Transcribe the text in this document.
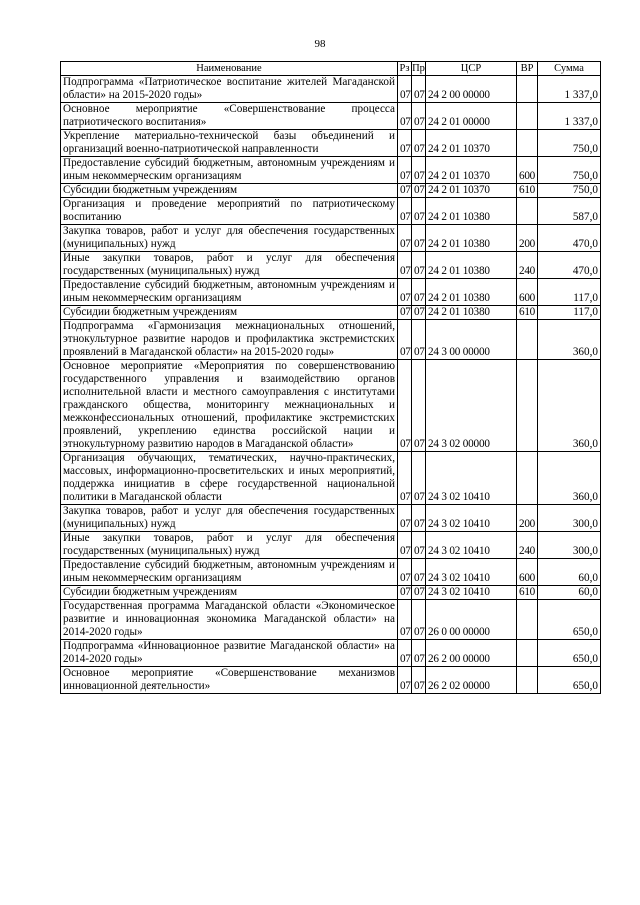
98
Наименование	Рз	Пр	ЦСР	ВР	Сумма
Подпрограмма «Патриотическое воспитание жителей Магаданской области» на 2015-2020 годы»	07	07	24 2 00 00000		1 337,0
Основное мероприятие «Совершенствование процесса патриотического воспитания»	07	07	24 2 01 00000		1 337,0
Укрепление материально-технической базы объединений и организаций военно-патриотической направленности	07	07	24 2 01 10370		750,0
Предоставление субсидий бюджетным, автономным учреждениям и иным некоммерческим организациям	07	07	24 2 01 10370	600	750,0
Субсидии бюджетным учреждениям	07	07	24 2 01 10370	610	750,0
Организация и проведение мероприятий по патриотическому воспитанию	07	07	24 2 01 10380		587,0
Закупка товаров, работ и услуг для обеспечения государственных (муниципальных) нужд	07	07	24 2 01 10380	200	470,0
Иные закупки товаров, работ и услуг для обеспечения государственных (муниципальных) нужд	07	07	24 2 01 10380	240	470,0
Предоставление субсидий бюджетным, автономным учреждениям и иным некоммерческим организациям	07	07	24 2 01 10380	600	117,0
Субсидии бюджетным учреждениям	07	07	24 2 01 10380	610	117,0
Подпрограмма «Гармонизация межнациональных отношений, этнокультурное развитие народов и профилактика экстремистских проявлений в Магаданской области» на 2015-2020 годы»	07	07	24 3 00 00000		360,0
Основное мероприятие «Мероприятия по совершенствованию государственного управления и взаимодействию органов исполнительной власти и местного самоуправления с институтами гражданского общества, мониторингу межнациональных и межконфессиональных отношений, профилактике экстремистских проявлений, укреплению единства российской нации и этнокультурному развитию народов в Магаданской области»	07	07	24 3 02 00000		360,0
Организация обучающих, тематических, научно-практических, массовых, информационно-просветительских и иных мероприятий, поддержка инициатив в сфере государственной национальной политики в Магаданской области	07	07	24 3 02 10410		360,0
Закупка товаров, работ и услуг для обеспечения государственных (муниципальных) нужд	07	07	24 3 02 10410	200	300,0
Иные закупки товаров, работ и услуг для обеспечения государственных (муниципальных) нужд	07	07	24 3 02 10410	240	300,0
Предоставление субсидий бюджетным, автономным учреждениям и иным некоммерческим организациям	07	07	24 3 02 10410	600	60,0
Субсидии бюджетным учреждениям	07	07	24 3 02 10410	610	60,0
Государственная программа Магаданской области «Экономическое развитие и инновационная экономика Магаданской области» на 2014-2020 годы»	07	07	26 0 00 00000		650,0
Подпрограмма «Инновационное развитие Магаданской области» на 2014-2020 годы»	07	07	26 2 00 00000		650,0
Основное мероприятие «Совершенствование механизмов инновационной деятельности»	07	07	26 2 02 00000		650,0
